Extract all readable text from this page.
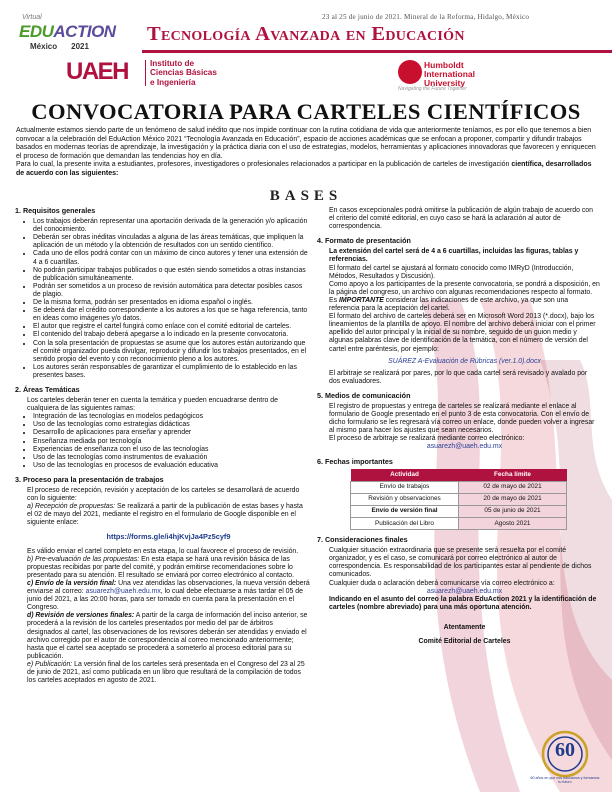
23 al 25 de junio de 2021. Mineral de la Reforma, Hidalgo, México
Tecnología Avanzada en Educación
Virtual
EDUACTION
México 2021
UAEH	Instituto de
Ciencias Básicas
e Ingeniería
Humboldt
International
University
Navigating the Future Together
CONVOCATORIA PARA CARTELES CIENTÍFICOS

Actualmente estamos siendo parte de un fenómeno de salud inédito que nos impide continuar con la rutina cotidiana de vida que anteriormente teníamos, es por ello que tenemos a bien convocar a la celebración del EduAction México 2021 “Tecnología Avanzada en Educación”, espacio de acciones académicas que se enfocan a proponer, compartir y difundir trabajos basados en modernas teorías de aprendizaje, la investigación y la práctica diaria con el uso de estrategias, modelos, herramientas y aplicaciones innovadoras que favorecen y enriquecen el proceso de formación que demandan las tendencias hoy en día.

Para lo cual, la presente invita a estudiantes, profesores, investigadores o profesionales relacionados a participar en la publicación de carteles de investigación científica, desarrollados de acuerdo con las siguientes:

BASES
1. Requisitos generales
• Los trabajos deberán representar una aportación derivada de la generación y/o aplicación del conocimiento.
• Deberán ser obras inéditas vinculadas a alguna de las áreas temáticas, que impliquen la aplicación de un método y la obtención de resultados con un sentido científico.
• Cada uno de ellos podrá contar con un máximo de cinco autores y tener una extensión de 4 a 6 cuartillas.
• No podrán participar trabajos publicados o que estén siendo sometidos a otras instancias de publicación simultáneamente.
• Podrán ser sometidos a un proceso de revisión automática para detectar posibles casos de plagio.
• De la misma forma, podrán ser presentados en idioma español o inglés.
• Se deberá dar el crédito correspondiente a los autores a los que se haga referencia, tanto en ideas como imágenes y/o datos.
• El autor que registre el cartel fungirá como enlace con el comité editorial de carteles.
• El contenido del trabajo deberá apegarse a lo indicado en la presente convocatoria.
• Con la sola presentación de propuestas se asume que los autores están autorizando que el comité organizador pueda divulgar, reproducir y difundir los trabajos presentados, en el sentido propio del evento y con reconocimiento pleno a los autores.
• Los autores serán responsables de garantizar el cumplimiento de lo establecido en las presentes bases.
2. Áreas Temáticas

Los carteles deberán tener en cuenta la temática y pueden encuadrarse dentro de cualquiera de las siguientes ramas:

• Integración de las tecnologías en modelos pedagógicos
• Uso de las tecnologías como estrategias didácticas
• Desarrollo de aplicaciones para enseñar y aprender
• Enseñanza mediada por tecnología
• Experiencias de enseñanza con el uso de las tecnologías
• Uso de las tecnologías como instrumentos de evaluación
• Uso de las tecnologías en procesos de evaluación educativa
3. Proceso para la presentación de trabajos

El proceso de recepción, revisión y aceptación de los carteles se desarrollará de acuerdo con lo siguiente:

a) Recepción de propuestas: Se realizará a partir de la publicación de estas bases y hasta el 02 de mayo del 2021, mediante el registro en el formulario de Google disponible en el siguiente enlace:

https://forms.gle/i4hjKvjJa4Pz5cyf9

Es válido enviar el cartel completo en esta etapa, lo cual favorece el proceso de revisión.

b) Pre-evaluación de las propuestas: En esta etapa se hará una revisión básica de las propuestas recibidas por parte del comité, y podrán emitirse recomendaciones sobre lo presentado para su atención. El resultado se enviará por correo electrónico al contacto.

c) Envío de la versión final: Una vez atendidas las observaciones, la nueva versión deberá enviarse al correo: asuarezh@uaeh.edu.mx, lo cual debe efectuarse a más tardar el 05 de junio del 2021, a las 20:00 horas, para ser tomado en cuenta para la presentación en el Congreso.

d) Revisión de versiones finales: A partir de la carga de información del inciso anterior, se procederá a la revisión de los carteles presentados por medio del par de árbitros designados al cartel, las observaciones de los revisores deberán ser atendidas y enviado el archivo corregido por el autor de correspondencia al correo mencionado anteriormente; hasta que el cartel sea aceptado se procederá a someterlo al proceso editorial para su publicación.

e) Publicación: La versión final de los carteles será presentada en el Congreso del 23 al 25 de junio de 2021, así como publicada en un libro que resultará de la compilación de todos los carteles aceptados en agosto de 2021.

En casos excepcionales podrá omitirse la publicación de algún trabajo de acuerdo con el criterio del comité editorial, en cuyo caso se hará la aclaración al autor de correspondencia.

4. Formato de presentación

La extensión del cartel será de 4 a 6 cuartillas, incluidas las figuras, tablas y referencias.

El formato del cartel se ajustará al formato conocido como IMRyD (Introducción, Métodos, Resultados y Discusión).

Como apoyo a los participantes de la presente convocatoria, se pondrá a disposición, en la página del congreso, un archivo con algunas recomendaciones respecto al formato.

Es IMPORTANTE considerar las indicaciones de este archivo, ya que son una referencia para la aceptación del cartel.

El formato del archivo de carteles deberá ser en Microsoft Word 2013 (*.docx), bajo los lineamientos de la plantilla de apoyo. El nombre del archivo deberá iniciar con el primer apellido del autor principal y la inicial de su nombre, seguido de un guion medio y algunas palabras clave de identificación de la temática, con el número de versión del cartel entre paréntesis, por ejemplo:

SUÁREZ A-Evaluación de Rúbricas (ver.1.0).docx

El arbitraje se realizará por pares, por lo que cada cartel será revisado y avalado por dos evaluadores.

5. Medios de comunicación

El registro de propuestas y entrega de carteles se realizará mediante el enlace al formulario de Google presentado en el punto 3 de esta convocatoria. Con el envío de dicho formulario se les regresará vía correo un enlace, donde pueden volver a ingresar al mismo para hacer los ajustes que sean necesarios.

El proceso de arbitraje se realizará mediante correo electrónico:

asuarezh@uaeh.edu.mx

6. Fechas importantes
Actividad	Fecha límite
Envío de trabajos	02 de mayo de 2021
Revisión y observaciones	20 de mayo de 2021
Envío de versión final	05 de junio de 2021
Publicación del Libro	Agosto 2021
7. Consideraciones finales

Cualquier situación extraordinaria que se presente será resuelta por el comité organizador, y es el caso, se comunicará por correo electrónico al autor de correspondencia. Es responsabilidad de los participantes estar al pendiente de dichos comunicados.

Cualquier duda o aclaración deberá comunicarse vía correo electrónico a:

asuarezh@uaeh.edu.mx

Indicando en el asunto del correo la palabra EduAction 2021 y la identificación de carteles (nombre abreviado) para una más oportuna atención.

Atentamente

Comité Editorial de Carteles

60
60 años en que nos educamos y formamos tu futuro
